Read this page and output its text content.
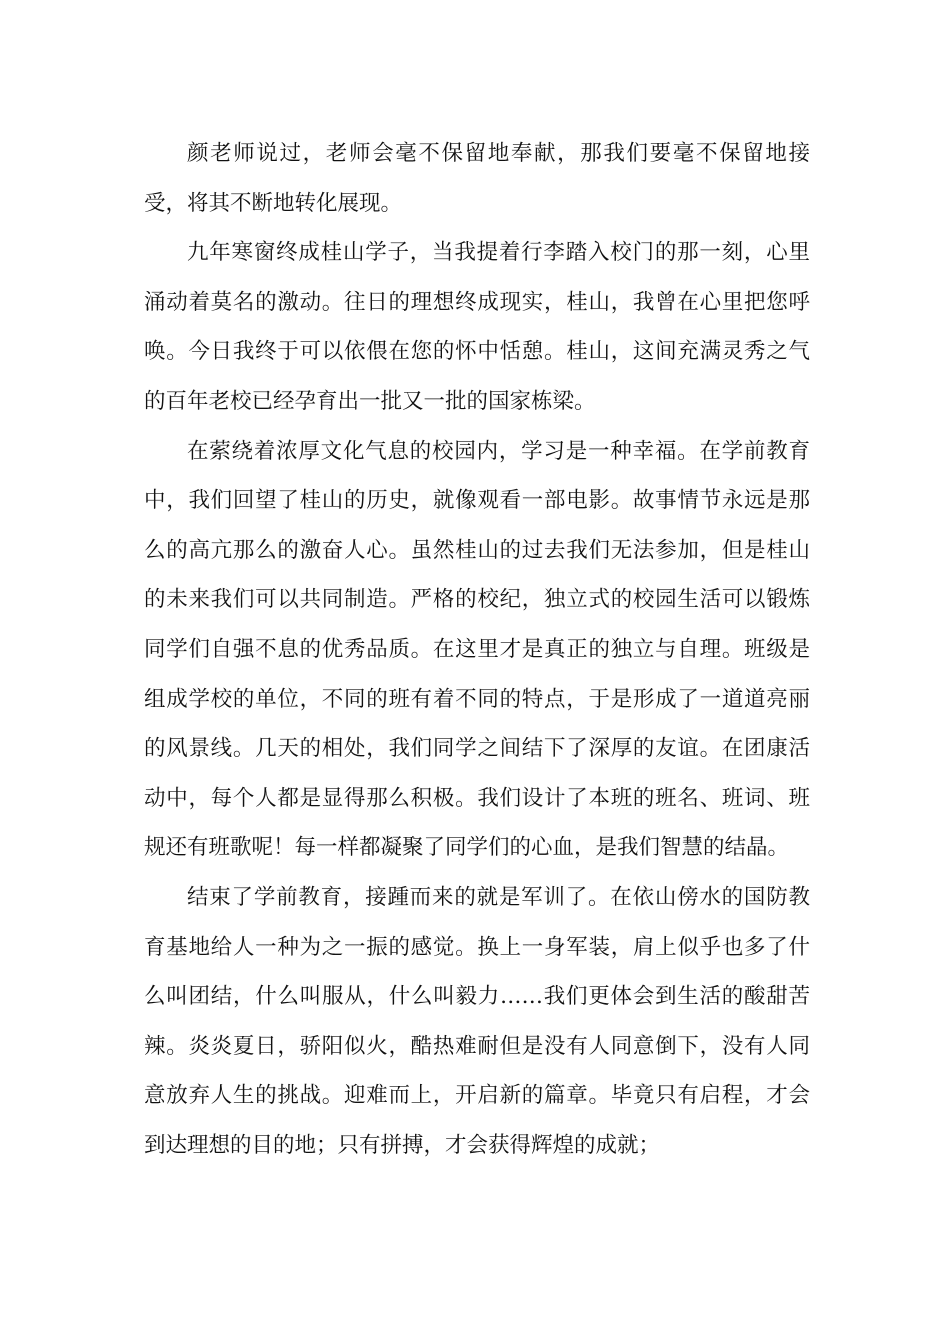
颜老师说过，老师会毫不保留地奉献，那我们要毫不保留地接受，将其不断地转化展现。

九年寒窗终成桂山学子，当我提着行李踏入校门的那一刻，心里涌动着莫名的激动。往日的理想终成现实，桂山，我曾在心里把您呼唤。今日我终于可以依偎在您的怀中恬憩。桂山，这间充满灵秀之气的百年老校已经孕育出一批又一批的国家栋梁。

在萦绕着浓厚文化气息的校园内，学习是一种幸福。在学前教育中，我们回望了桂山的历史，就像观看一部电影。故事情节永远是那么的高亢那么的激奋人心。虽然桂山的过去我们无法参加，但是桂山的未来我们可以共同制造。严格的校纪，独立式的校园生活可以锻炼同学们自强不息的优秀品质。在这里才是真正的独立与自理。班级是组成学校的单位，不同的班有着不同的特点，于是形成了一道道亮丽的风景线。几天的相处，我们同学之间结下了深厚的友谊。在团康活动中，每个人都是显得那么积极。我们设计了本班的班名、班词、班规还有班歌呢！每一样都凝聚了同学们的心血，是我们智慧的结晶。

结束了学前教育，接踵而来的就是军训了。在依山傍水的国防教育基地给人一种为之一振的感觉。换上一身军装，肩上似乎也多了什么叫团结，什么叫服从，什么叫毅力……我们更体会到生活的酸甜苦辣。炎炎夏日，骄阳似火，酷热难耐但是没有人同意倒下，没有人同意放弃人生的挑战。迎难而上，开启新的篇章。毕竟只有启程，才会到达理想的目的地；只有拼搏，才会获得辉煌的成就；
